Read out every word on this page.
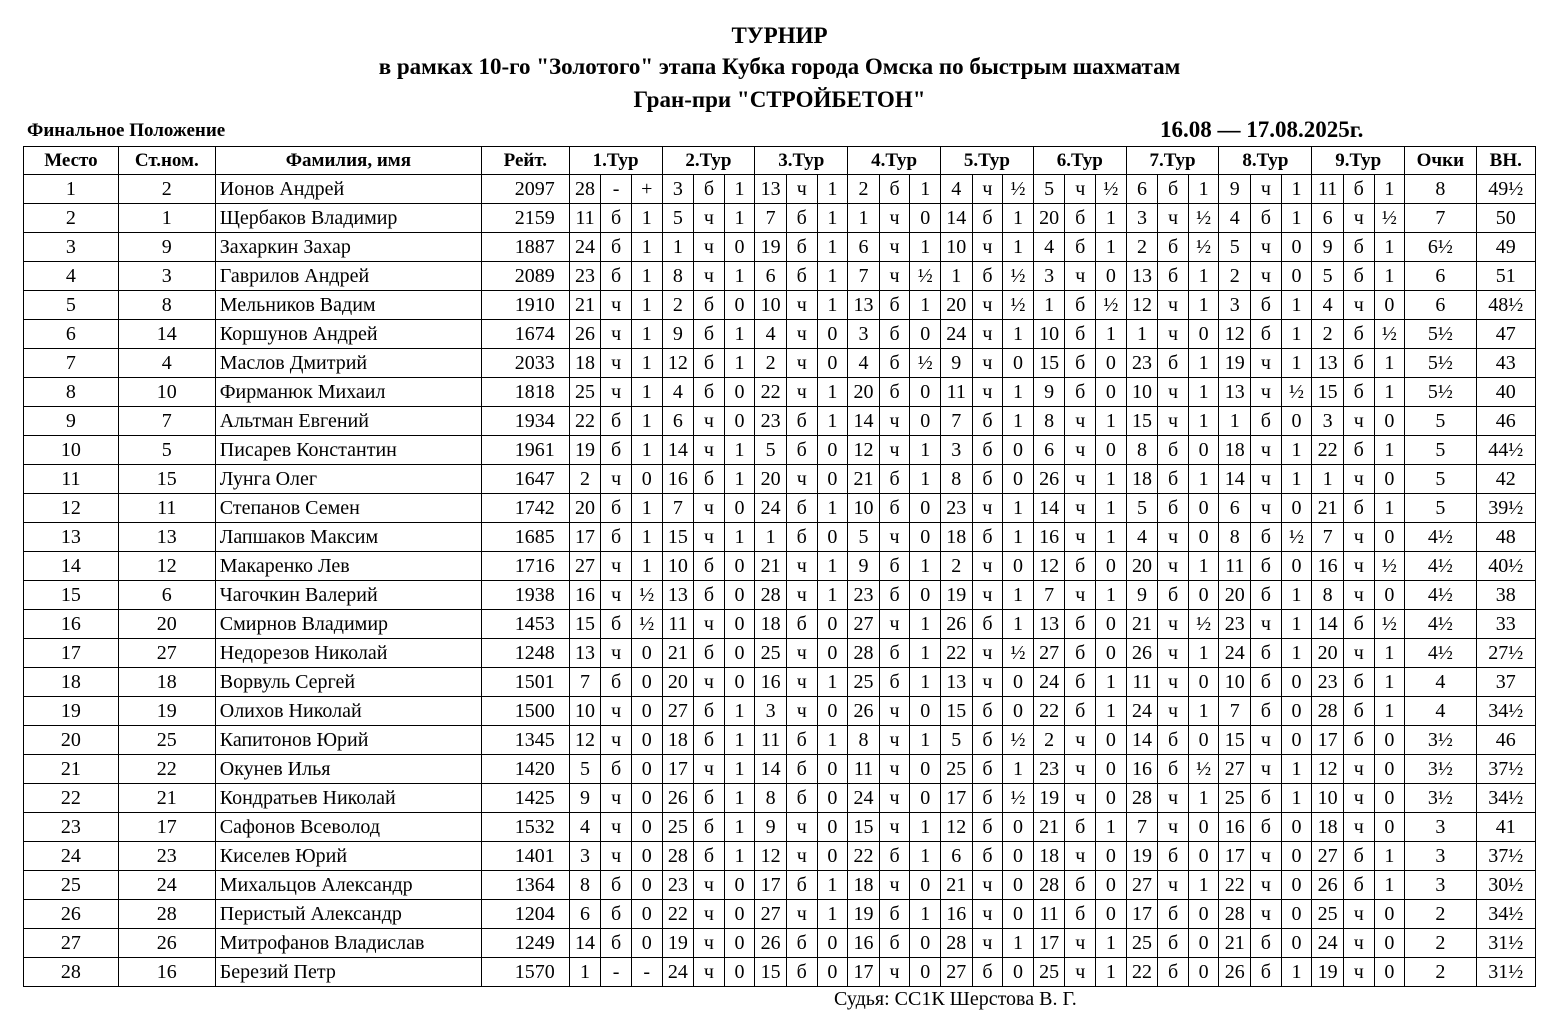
ТУРНИР
в рамках 10-го "Золотого" этапа Кубка города Омска по быстрым шахматам
Гран-при "СТРОЙБЕТОН"
Финальное Положение	16.08 — 17.08.2025г.
Место	Ст.ном.	Фамилия, имя	Рейт.	1.Тур			2.Тур			3.Тур			4.Тур			5.Тур			6.Тур			7.Тур			8.Тур			9.Тур			Очки	ВН.
1	2	Ионов Андрей	2097	28	-	+	3	б	1	13	ч	1	2	б	1	4	ч	½	5	ч	½	6	б	1	9	ч	1	11	б	1	8	49½
2	1	Щербаков Владимир	2159	11	б	1	5	ч	1	7	б	1	1	ч	0	14	б	1	20	б	1	3	ч	½	4	б	1	6	ч	½	7	50
3	9	Захаркин Захар	1887	24	б	1	1	ч	0	19	б	1	6	ч	1	10	ч	1	4	б	1	2	б	½	5	ч	0	9	б	1	6½	49
4	3	Гаврилов Андрей	2089	23	б	1	8	ч	1	6	б	1	7	ч	½	1	б	½	3	ч	0	13	б	1	2	ч	0	5	б	1	6	51
5	8	Мельников Вадим	1910	21	ч	1	2	б	0	10	ч	1	13	б	1	20	ч	½	1	б	½	12	ч	1	3	б	1	4	ч	0	6	48½
6	14	Коршунов Андрей	1674	26	ч	1	9	б	1	4	ч	0	3	б	0	24	ч	1	10	б	1	1	ч	0	12	б	1	2	б	½	5½	47
7	4	Маслов Дмитрий	2033	18	ч	1	12	б	1	2	ч	0	4	б	½	9	ч	0	15	б	0	23	б	1	19	ч	1	13	б	1	5½	43
8	10	Фирманюк Михаил	1818	25	ч	1	4	б	0	22	ч	1	20	б	0	11	ч	1	9	б	0	10	ч	1	13	ч	½	15	б	1	5½	40
9	7	Альтман Евгений	1934	22	б	1	6	ч	0	23	б	1	14	ч	0	7	б	1	8	ч	1	15	ч	1	1	б	0	3	ч	0	5	46
10	5	Писарев Константин	1961	19	б	1	14	ч	1	5	б	0	12	ч	1	3	б	0	6	ч	0	8	б	0	18	ч	1	22	б	1	5	44½
11	15	Лунга Олег	1647	2	ч	0	16	б	1	20	ч	0	21	б	1	8	б	0	26	ч	1	18	б	1	14	ч	1	1	ч	0	5	42
12	11	Степанов Семен	1742	20	б	1	7	ч	0	24	б	1	10	б	0	23	ч	1	14	ч	1	5	б	0	6	ч	0	21	б	1	5	39½
13	13	Лапшаков Максим	1685	17	б	1	15	ч	1	1	б	0	5	ч	0	18	б	1	16	ч	1	4	ч	0	8	б	½	7	ч	0	4½	48
14	12	Макаренко Лев	1716	27	ч	1	10	б	0	21	ч	1	9	б	1	2	ч	0	12	б	0	20	ч	1	11	б	0	16	ч	½	4½	40½
15	6	Чагочкин Валерий	1938	16	ч	½	13	б	0	28	ч	1	23	б	0	19	ч	1	7	ч	1	9	б	0	20	б	1	8	ч	0	4½	38
16	20	Смирнов Владимир	1453	15	б	½	11	ч	0	18	б	0	27	ч	1	26	б	1	13	б	0	21	ч	½	23	ч	1	14	б	½	4½	33
17	27	Недорезов Николай	1248	13	ч	0	21	б	0	25	ч	0	28	б	1	22	ч	½	27	б	0	26	ч	1	24	б	1	20	ч	1	4½	27½
18	18	Ворвуль Сергей	1501	7	б	0	20	ч	0	16	ч	1	25	б	1	13	ч	0	24	б	1	11	ч	0	10	б	0	23	б	1	4	37
19	19	Олихов Николай	1500	10	ч	0	27	б	1	3	ч	0	26	ч	0	15	б	0	22	б	1	24	ч	1	7	б	0	28	б	1	4	34½
20	25	Капитонов Юрий	1345	12	ч	0	18	б	1	11	б	1	8	ч	1	5	б	½	2	ч	0	14	б	0	15	ч	0	17	б	0	3½	46
21	22	Окунев Илья	1420	5	б	0	17	ч	1	14	б	0	11	ч	0	25	б	1	23	ч	0	16	б	½	27	ч	1	12	ч	0	3½	37½
22	21	Кондратьев Николай	1425	9	ч	0	26	б	1	8	б	0	24	ч	0	17	б	½	19	ч	0	28	ч	1	25	б	1	10	ч	0	3½	34½
23	17	Сафонов Всеволод	1532	4	ч	0	25	б	1	9	ч	0	15	ч	1	12	б	0	21	б	1	7	ч	0	16	б	0	18	ч	0	3	41
24	23	Киселев Юрий	1401	3	ч	0	28	б	1	12	ч	0	22	б	1	6	б	0	18	ч	0	19	б	0	17	ч	0	27	б	1	3	37½
25	24	Михальцов Александр	1364	8	б	0	23	ч	0	17	б	1	18	ч	0	21	ч	0	28	б	0	27	ч	1	22	ч	0	26	б	1	3	30½
26	28	Перистый Александр	1204	6	б	0	22	ч	0	27	ч	1	19	б	1	16	ч	0	11	б	0	17	б	0	28	ч	0	25	ч	0	2	34½
27	26	Митрофанов Владислав	1249	14	б	0	19	ч	0	26	б	0	16	б	0	28	ч	1	17	ч	1	25	б	0	21	б	0	24	ч	0	2	31½
28	16	Березий Петр	1570	1	-	-	24	ч	0	15	б	0	17	ч	0	27	б	0	25	ч	1	22	б	0	26	б	1	19	ч	0	2	31½
Судья: СС1К Шерстова В. Г.
